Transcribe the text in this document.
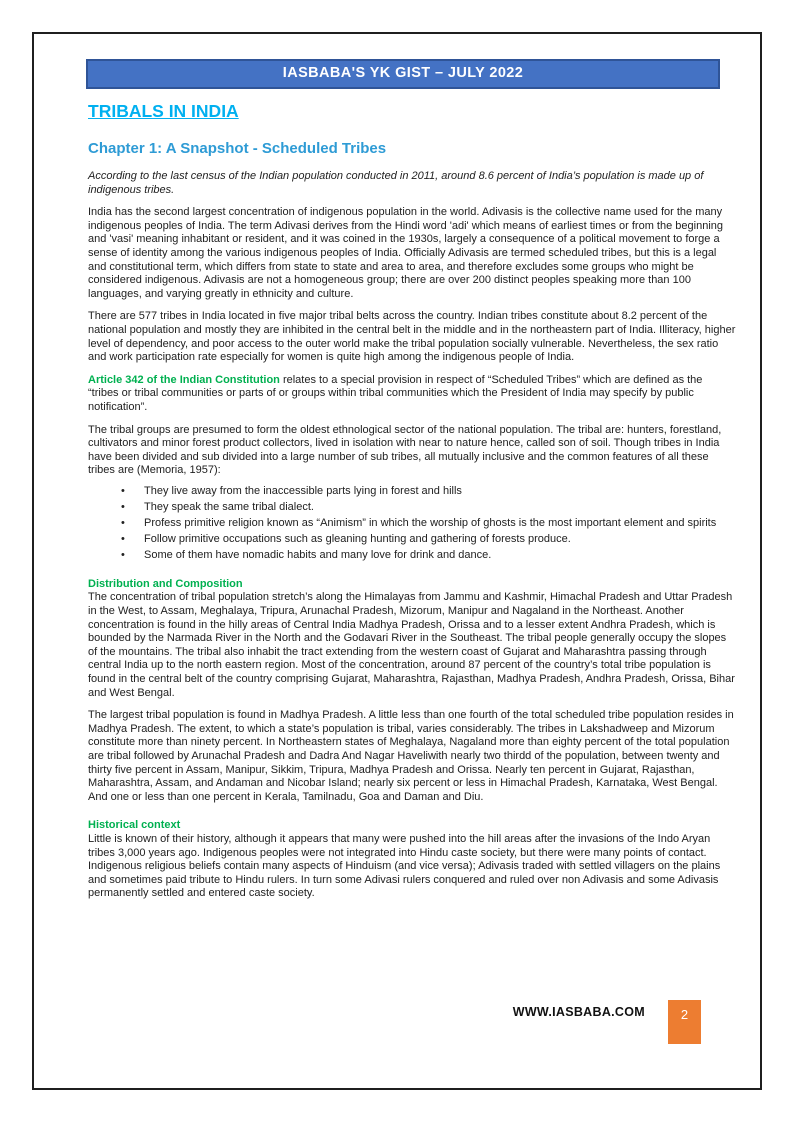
IASBABA'S YK GIST – JULY 2022
TRIBALS IN INDIA
Chapter 1: A Snapshot - Scheduled Tribes

According to the last census of the Indian population conducted in 2011, around 8.6 percent of India’s population is made up of indigenous tribes.

India has the second largest concentration of indigenous population in the world. Adivasis is the collective name used for the many indigenous peoples of India. The term Adivasi derives from the Hindi word 'adi' which means of earliest times or from the beginning and 'vasi' meaning inhabitant or resident, and it was coined in the 1930s, largely a consequence of a political movement to forge a sense of identity among the various indigenous peoples of India. Officially Adivasis are termed scheduled tribes, but this is a legal and constitutional term, which differs from state to state and area to area, and therefore excludes some groups who might be considered indigenous. Adivasis are not a homogeneous group; there are over 200 distinct peoples speaking more than 100 languages, and varying greatly in ethnicity and culture.

There are 577 tribes in India located in five major tribal belts across the country. Indian tribes constitute about 8.2 percent of the national population and mostly they are inhibited in the central belt in the middle and in the northeastern part of India. Illiteracy, higher level of dependency, and poor access to the outer world make the tribal population socially vulnerable. Nevertheless, the sex ratio and work participation rate especially for women is quite high among the indigenous people of India.

Article 342 of the Indian Constitution relates to a special provision in respect of “Scheduled Tribes” which are defined as the “tribes or tribal communities or parts of or groups within tribal communities which the President of India may specify by public notification”.

The tribal groups are presumed to form the oldest ethnological sector of the national population. The tribal are: hunters, forestland, cultivators and minor forest product collectors, lived in isolation with near to nature hence, called son of soil. Though tribes in India have been divided and sub divided into a large number of sub tribes, all mutually inclusive and the common features of all these tribes are (Memoria, 1957):

• They live away from the inaccessible parts lying in forest and hills
• They speak the same tribal dialect.
• Profess primitive religion known as “Animism” in which the worship of ghosts is the most important element and spirits
• Follow primitive occupations such as gleaning hunting and gathering of forests produce.
• Some of them have nomadic habits and many love for drink and dance.
Distribution and Composition

The concentration of tribal population stretch’s along the Himalayas from Jammu and Kashmir, Himachal Pradesh and Uttar Pradesh in the West, to Assam, Meghalaya, Tripura, Arunachal Pradesh, Mizorum, Manipur and Nagaland in the Northeast. Another concentration is found in the hilly areas of Central India Madhya Pradesh, Orissa and to a lesser extent Andhra Pradesh, which is bounded by the Narmada River in the North and the Godavari River in the Southeast. The tribal people generally occupy the slopes of the mountains. The tribal also inhabit the tract extending from the western coast of Gujarat and Maharashtra passing through central India up to the north eastern region. Most of the concentration, around 87 percent of the country’s total tribe population is found in the central belt of the country comprising Gujarat, Maharashtra, Rajasthan, Madhya Pradesh, Andhra Pradesh, Orissa, Bihar and West Bengal.

The largest tribal population is found in Madhya Pradesh. A little less than one fourth of the total scheduled tribe population resides in Madhya Pradesh. The extent, to which a state’s population is tribal, varies considerably. The tribes in Lakshadweep and Mizorum constitute more than ninety percent. In Northeastern states of Meghalaya, Nagaland more than eighty percent of the total population are tribal followed by Arunachal Pradesh and Dadra And Nagar Haveliwith nearly two thirdd of the population, between twenty and thirty five percent in Assam, Manipur, Sikkim, Tripura, Madhya Pradesh and Orissa. Nearly ten percent in Gujarat, Rajasthan, Maharashtra, Assam, and Andaman and Nicobar Island; nearly six percent or less in Himachal Pradesh, Karnataka, West Bengal. And one or less than one percent in Kerala, Tamilnadu, Goa and Daman and Diu.

Historical context

Little is known of their history, although it appears that many were pushed into the hill areas after the invasions of the Indo Aryan tribes 3,000 years ago. Indigenous peoples were not integrated into Hindu caste society, but there were many points of contact. Indigenous religious beliefs contain many aspects of Hinduism (and vice versa); Adivasis traded with settled villagers on the plains and sometimes paid tribute to Hindu rulers. In turn some Adivasi rulers conquered and ruled over non Adivasis and some Adivasis permanently settled and entered caste society.

WWW.IASBABA.COM	2
